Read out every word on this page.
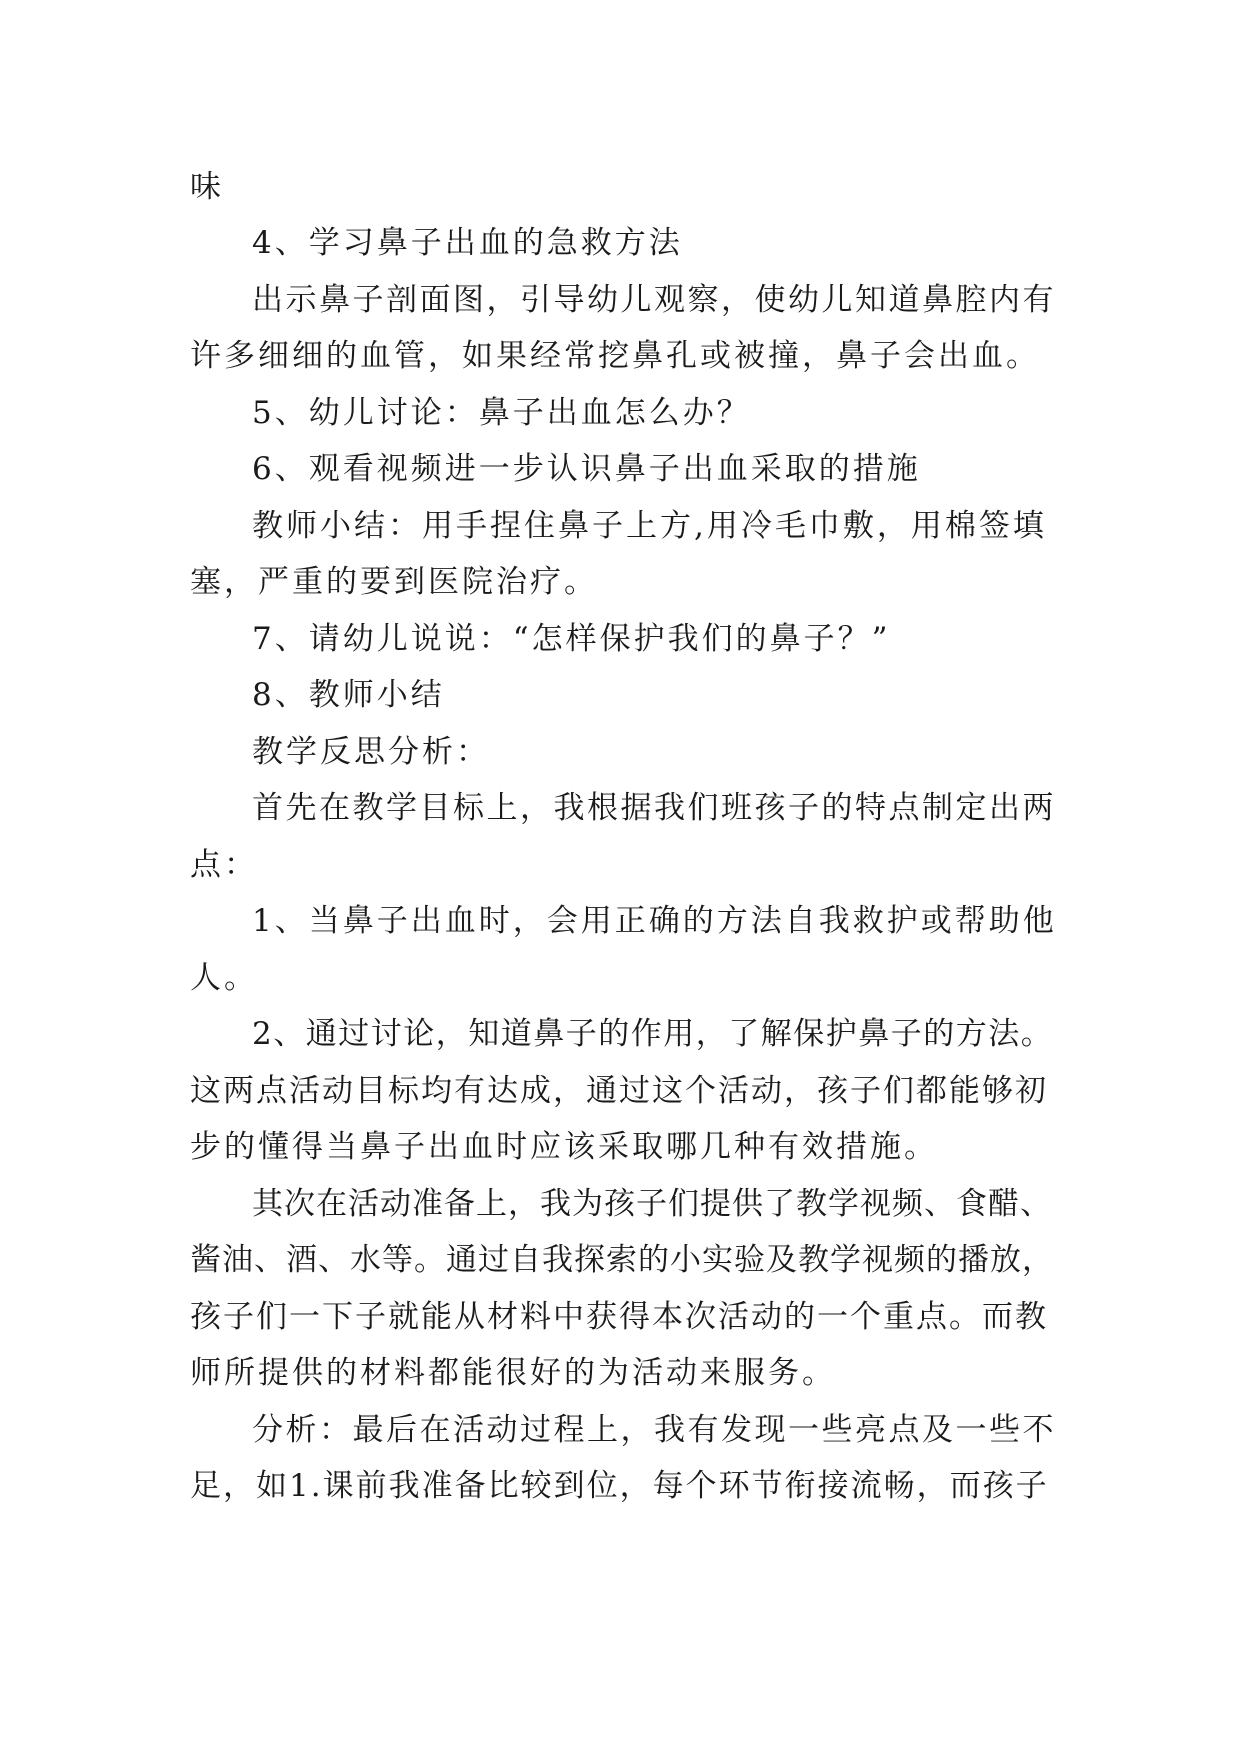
味
4、学习鼻子出血的急救方法
出示鼻子剖面图，引导幼儿观察，使幼儿知道鼻腔内有
许多细细的血管，如果经常挖鼻孔或被撞，鼻子会出血。
5、幼儿讨论：鼻子出血怎么办？
6、观看视频进一步认识鼻子出血采取的措施
教师小结：用手捏住鼻子上方,用冷毛巾敷，用棉签填
塞，严重的要到医院治疗。
7、请幼儿说说：“怎样保护我们的鼻子？”
8、教师小结
教学反思分析：
首先在教学目标上，我根据我们班孩子的特点制定出两
点：
1、当鼻子出血时，会用正确的方法自我救护或帮助他
人。
2、通过讨论，知道鼻子的作用，了解保护鼻子的方法。
这两点活动目标均有达成，通过这个活动，孩子们都能够初
步的懂得当鼻子出血时应该采取哪几种有效措施。
其次在活动准备上，我为孩子们提供了教学视频、食醋、
酱油、酒、水等。通过自我探索的小实验及教学视频的播放，
孩子们一下子就能从材料中获得本次活动的一个重点。而教
师所提供的材料都能很好的为活动来服务。
分析：最后在活动过程上，我有发现一些亮点及一些不
足，如1.课前我准备比较到位，每个环节衔接流畅，而孩子
